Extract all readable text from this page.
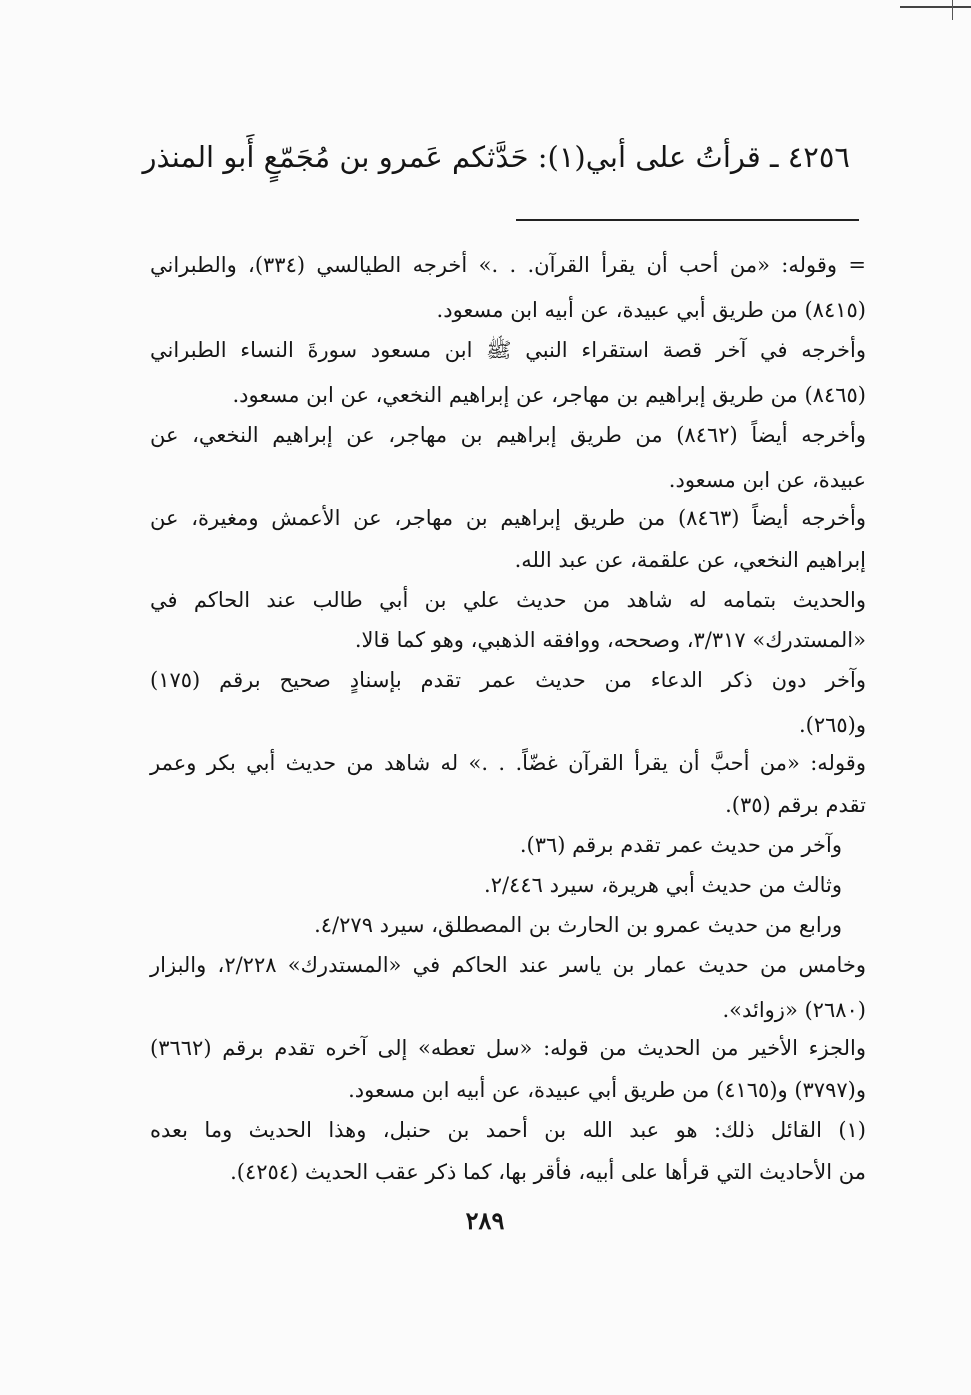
٤٢٥٦ ـ قرأتُ على أبي(١): حَدَّثكم عَمرو بن مُجَمّعٍ أَبو المنذر
= وقوله: «من أحب أن يقرأ القرآن. . .» أخرجه الطيالسي (٣٣٤)، والطبراني
(٨٤١٥) من طريق أبي عبيدة، عن أبيه ابن مسعود.
وأخرجه في آخر قصة استقراء النبي ﷺ ابن مسعود سورةَ النساء الطبراني
(٨٤٦٥) من طريق إبراهيم بن مهاجر، عن إبراهيم النخعي، عن ابن مسعود.
وأخرجه أيضاً (٨٤٦٢) من طريق إبراهيم بن مهاجر، عن إبراهيم النخعي، عن
عبيدة، عن ابن مسعود.
وأخرجه أيضاً (٨٤٦٣) من طريق إبراهيم بن مهاجر، عن الأعمش ومغيرة، عن
إبراهيم النخعي، عن علقمة، عن عبد الله.
والحديث بتمامه له شاهد من حديث علي بن أبي طالب عند الحاكم في
«المستدرك» ٣/٣١٧، وصححه، ووافقه الذهبي، وهو كما قالا.
وآخر دون ذكر الدعاء من حديث عمر تقدم بإسنادٍ صحيح برقم (١٧٥)
و(٢٦٥).
وقوله: «من أحبَّ أن يقرأ القرآن غضّاً. . .» له شاهد من حديث أبي بكر وعمر
تقدم برقم (٣٥).
وآخر من حديث عمر تقدم برقم (٣٦).
وثالث من حديث أبي هريرة، سيرد ٢/٤٤٦.
ورابع من حديث عمرو بن الحارث بن المصطلق، سيرد ٤/٢٧٩.
وخامس من حديث عمار بن ياسر عند الحاكم في «المستدرك» ٢/٢٢٨، والبزار
(٢٦٨٠) «زوائد».
والجزء الأخير من الحديث من قوله: «سل تعطه» إلى آخره تقدم برقم (٣٦٦٢)
و(٣٧٩٧) و(٤١٦٥) من طريق أبي عبيدة، عن أبيه ابن مسعود.
(١) القائل ذلك: هو عبد الله بن أحمد بن حنبل، وهذا الحديث وما بعده
من الأحاديث التي قرأها على أبيه، فأقر بها، كما ذكر عقب الحديث (٤٢٥٤).
٢٨٩
